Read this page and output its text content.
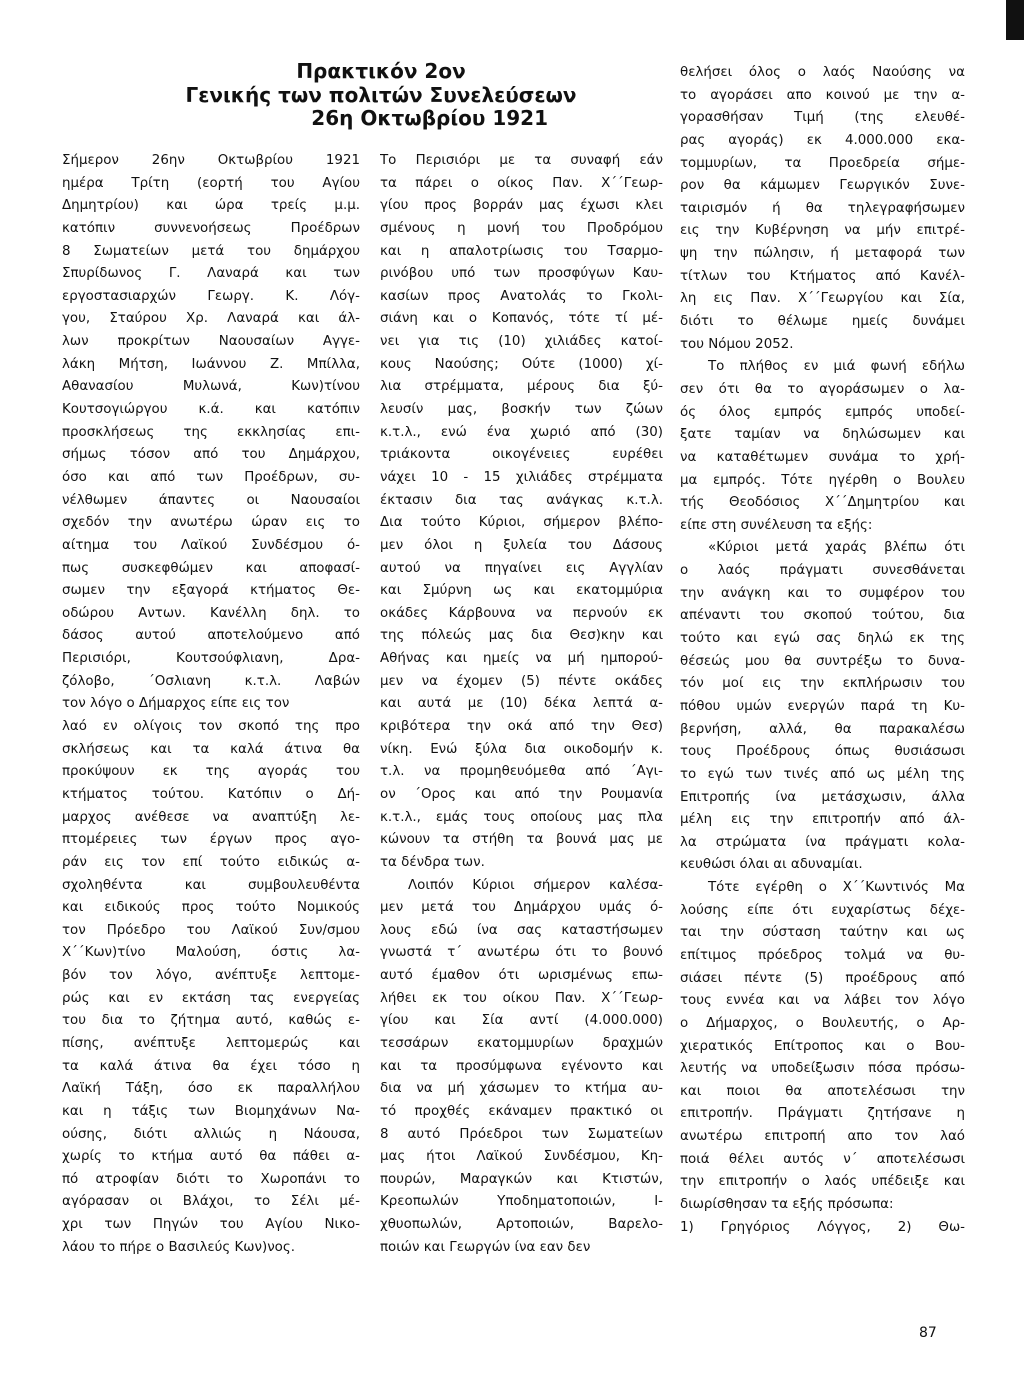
Πρακτικόν 2ον
Γενικής των πολιτών Συνελεύσεων
26η Οκτωβρίου 1921
Σήμερον 26ην Οκτωβρίου 1921
ημέρα Τρίτη (εορτή του Αγίου
Δημητρίου) και ώρα τρείς μ.μ.
κατόπιν συννενοήσεως Προέδρων
8 Σωματείων μετά του δημάρχου
Σπυρίδωνος Γ. Λαναρά και των
εργοστασιαρχών Γεωργ. Κ. Λόγ-
γου, Σταύρου Χρ. Λαναρά και άλ-
λων προκρίτων Ναουσαίων Αγγε-
λάκη Μήτση, Ιωάννου Ζ. Μπίλλα,
Αθανασίου Μυλωνά, Κων)τίνου
Κουτσογιώργου κ.ά. και κατόπιν
προσκλήσεως της εκκλησίας επι-
σήμως τόσον από του Δημάρχου,
όσο και από των Προέδρων, συ-
νέλθωμεν άπαντες οι Ναουσαίοι
σχεδόν την ανωτέρω ώραν εις το
αίτημα του Λαϊκού Συνδέσμου ό-
πως συσκεφθώμεν και αποφασί-
σωμεν την εξαγορά κτήματος Θε-
οδώρου Αντων. Κανέλλη δηλ. το
δάσος αυτού αποτελούμενο από
Περισιόρι, Κουτσούφλιανη, Δρα-
ζόλοβο, ´Οσλιανη κ.τ.λ. Λαβών
τον λόγο ο Δήμαρχος είπε εις τον
λαό εν ολίγοις τον σκοπό της προ
σκλήσεως και τα καλά άτινα θα
προκύψουν εκ της αγοράς του
κτήματος τούτου. Κατόπιν ο Δή-
μαρχος ανέθεσε να αναπτύξη λε-
πτομέρειες των έργων προς αγο-
ράν εις τον επί τούτο ειδικώς α-
σχοληθέντα και συμβουλευθέντα
και ειδικούς προς τούτο Νομικούς
τον Πρόεδρο του Λαϊκού Συν/σμου
Χ´´Κων)τίνο Μαλούση, όστις λα-
βόν τον λόγο, ανέπτυξε λεπτομε-
ρώς και εν εκτάση τας ενεργείας
του δια το ζήτημα αυτό, καθώς ε-
πίσης, ανέπτυξε λεπτομερώς και
τα καλά άτινα θα έχει τόσο η
Λαϊκή Τάξη, όσο εκ παραλλήλου
και η τάξις των Βιομηχάνων Να-
ούσης, διότι αλλιώς η Νάουσα,
χωρίς το κτήμα αυτό θα πάθει α-
πό ατροφίαν διότι το Χωροπάνι το
αγόρασαν οι Βλάχοι, το Σέλι μέ-
χρι των Πηγών του Αγίου Νικο-
λάου το πήρε ο Βασιλεύς Κων)νος.
Το Περισιόρι με τα συναφή εάν
τα πάρει ο οίκος Παν. Χ´´Γεωρ-
γίου προς βορράν μας έχωσι κλει
σμένους η μονή του Προδρόμου
και η απαλοτρίωσις του Τσαρμο-
ρινόβου υπό των προσφύγων Καυ-
κασίων προς Ανατολάς το Γκολι-
σιάνη και ο Κοπανός, τότε τί μέ-
νει για τις (10) χιλιάδες κατοί-
κους Ναούσης; Ούτε (1000) χί-
λια στρέμματα, μέρους δια ξύ-
λευσίν μας, βοσκήν των ζώων
κ.τ.λ., ενώ ένα χωριό από (30)
τριάκοντα οικογένειες ευρέθει
νάχει 10 - 15 χιλιάδες στρέμματα
έκτασιν δια τας ανάγκας κ.τ.λ.
Δια τούτο Κύριοι, σήμερον βλέπο-
μεν όλοι η ξυλεία του Δάσους
αυτού να πηγαίνει εις Αγγλίαν
και Σμύρνη ως και εκατομμύρια
οκάδες Κάρβουνα να περνούν εκ
της πόλεώς μας δια Θεσ)κην και
Αθήνας και ημείς να μή ημπορού-
μεν να έχομεν (5) πέντε οκάδες
και αυτά με (10) δέκα λεπτά α-
κριβότερα την οκά από την Θεσ)
νίκη. Ενώ ξύλα δια οικοδομήν κ.
τ.λ. να προμηθευόμεθα από ´Αγι-
ον ´Ορος και από την Ρουμανία
κ.τ.λ., εμάς τους οποίους μας πλα
κώνουν τα στήθη τα βουνά μας με
τα δένδρα των.
Λοιπόν Κύριοι σήμερον καλέσα-
μεν μετά του Δημάρχου υμάς ό-
λους εδώ ίνα σας καταστήσωμεν
γνωστά τ´ ανωτέρω ότι το βουνό
αυτό έμαθον ότι ωρισμένως επω-
λήθει εκ του οίκου Παν. Χ´´Γεωρ-
γίου και Σία αντί (4.000.000)
τεσσάρων εκατομμυρίων δραχμών
και τα προσύμφωνα εγένοντο και
δια να μή χάσωμεν το κτήμα αυ-
τό προχθές εκάναμεν πρακτικό οι
8 αυτό Πρόεδροι των Σωματείων
μας ήτοι Λαϊκού Συνδέσμου, Κη-
πουρών, Μαραγκών και Κτιστών,
Κρεοπωλών Υποδηματοποιών, Ι-
χθυοπωλών, Αρτοποιών, Βαρελο-
ποιών και Γεωργών ίνα εαν δεν
θελήσει όλος ο λαός Ναούσης να
το αγοράσει απο κοινού με την α-
γορασθήσαν Τιμή (της ελευθέ-
ρας αγοράς) εκ 4.000.000 εκα-
τομμυρίων, τα Προεδρεία σήμε-
ρον θα κάμωμεν Γεωργικόν Συνε-
ταιρισμόν ή θα τηλεγραφήσωμεν
εις την Κυβέρνηση να μήν επιτρέ-
ψη την πώλησιν, ή μεταφορά των
τίτλων του Κτήματος από Κανέλ-
λη εις Παν. Χ´´Γεωργίου και Σία,
διότι το θέλωμε ημείς δυνάμει
του Νόμου 2052.
Το πλήθος εν μιά φωνή εδήλω
σεν ότι θα το αγοράσωμεν ο λα-
ός όλος εμπρός εμπρός υποδεί-
ξατε ταμίαν να δηλώσωμεν και
να καταθέτωμεν συνάμα το χρή-
μα εμπρός. Τότε ηγέρθη ο Βουλευ
τής Θεοδόσιος Χ´´Δημητρίου και
είπε στη συνέλευση τα εξής:
«Κύριοι μετά χαράς βλέπω ότι
ο λαός πράγματι συνεσθάνεται
την ανάγκη και το συμφέρον του
απέναντι του σκοπού τούτου, δια
τούτο και εγώ σας δηλώ εκ της
θέσεώς μου θα συντρέξω το δυνα-
τόν μοί εις την εκπλήρωσιν του
πόθου υμών ενεργών παρά τη Κυ-
βερνήση, αλλά, θα παρακαλέσω
τους Προέδρους όπως θυσιάσωσι
το εγώ των τινές από ως μέλη της
Επιτροπής ίνα μετάσχωσιν, άλλα
μέλη εις την επιτροπήν από άλ-
λα στρώματα ίνα πράγματι κολα-
κευθώσι όλαι αι αδυναμίαι.
Τότε εγέρθη ο Χ´´Κωντινός Μα
λούσης είπε ότι ευχαρίστως δέχε-
ται την σύσταση ταύτην και ως
επίτιμος πρόεδρος τολμά να θυ-
σιάσει πέντε (5) προέδρους από
τους εννέα και να λάβει τον λόγο
ο Δήμαρχος, ο Βουλευτής, ο Αρ-
χιερατικός Επίτροπος και ο Βου-
λευτής να υποδείξωσιν πόσα πρόσω-
και ποιοι θα αποτελέσωσι την
επιτροπήν. Πράγματι ζητήσανε η
ανωτέρω επιτροπή απο τον λαό
ποιά θέλει αυτός ν´ αποτελέσωσι
την επιτροπήν ο λαός υπέδειξε και
διωρίσθησαν τα εξής πρόσωπα:
1) Γρηγόριος Λόγγος, 2) Θω-
87
